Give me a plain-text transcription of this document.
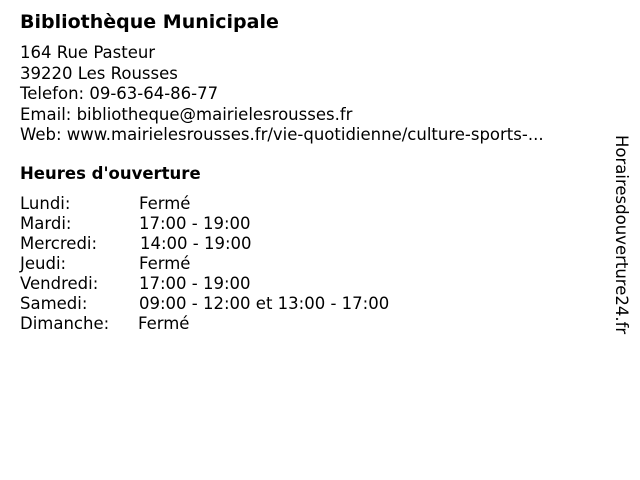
Bibliothèque Municipale
164 Rue Pasteur
39220 Les Rousses
Telefon: 09-63-64-86-77
Email: bibliotheque@mairielesrousses.fr
Web: www.mairielesrousses.fr/vie-quotidienne/culture-sports-...
Heures d'ouverture
Lundi:	Fermé
Mardi:	17:00 - 19:00
Mercredi:	14:00 - 19:00
Jeudi:	Fermé
Vendredi: 17:00 - 19:00
Samedi:	09:00 - 12:00 et 13:00 - 17:00
Dimanche: Fermé	Horairesdouverture24.fr
